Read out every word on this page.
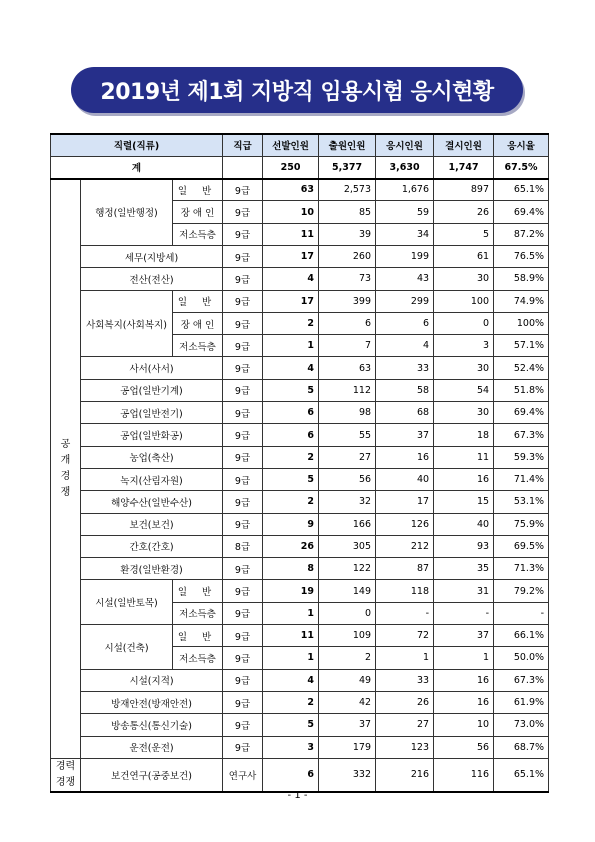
2019년 제1회 지방직 임용시험 응시현황
직렬(직류)			직급	선발인원	출원인원	응시인원	결시인원	응시율
계				250	5,377	3,630	1,747	67.5%
공
개
경
쟁	행정(일반행정)	일 반	9급	63	2,573	1,676	897	65.1%
		장 애 인	9급	10	85	59	26	69.4%
		저소득층	9급	11	39	34	5	87.2%
	세무(지방세)		9급	17	260	199	61	76.5%
	전산(전산)		9급	4	73	43	30	58.9%
	사회복지(사회복지)	일 반	9급	17	399	299	100	74.9%
		장 애 인	9급	2	6	6	0	100%
		저소득층	9급	1	7	4	3	57.1%
	사서(사서)		9급	4	63	33	30	52.4%
	공업(일반기계)		9급	5	112	58	54	51.8%
	공업(일반전기)		9급	6	98	68	30	69.4%
	공업(일반화공)		9급	6	55	37	18	67.3%
	농업(축산)		9급	2	27	16	11	59.3%
	녹지(산림자원)		9급	5	56	40	16	71.4%
	해양수산(일반수산)		9급	2	32	17	15	53.1%
	보건(보건)		9급	9	166	126	40	75.9%
	간호(간호)		8급	26	305	212	93	69.5%
	환경(일반환경)		9급	8	122	87	35	71.3%
	시설(일반토목)	일 반	9급	19	149	118	31	79.2%
		저소득층	9급	1	0	-	-	-
	시설(건축)	일 반	9급	11	109	72	37	66.1%
		저소득층	9급	1	2	1	1	50.0%
	시설(지적)		9급	4	49	33	16	67.3%
	방재안전(방재안전)		9급	2	42	26	16	61.9%
	방송통신(통신기술)		9급	5	37	27	10	73.0%
	운전(운전)		9급	3	179	123	56	68.7%
경력
경쟁	보건연구(공중보건)		연구사	6	332	216	116	65.1%
- 1 -
